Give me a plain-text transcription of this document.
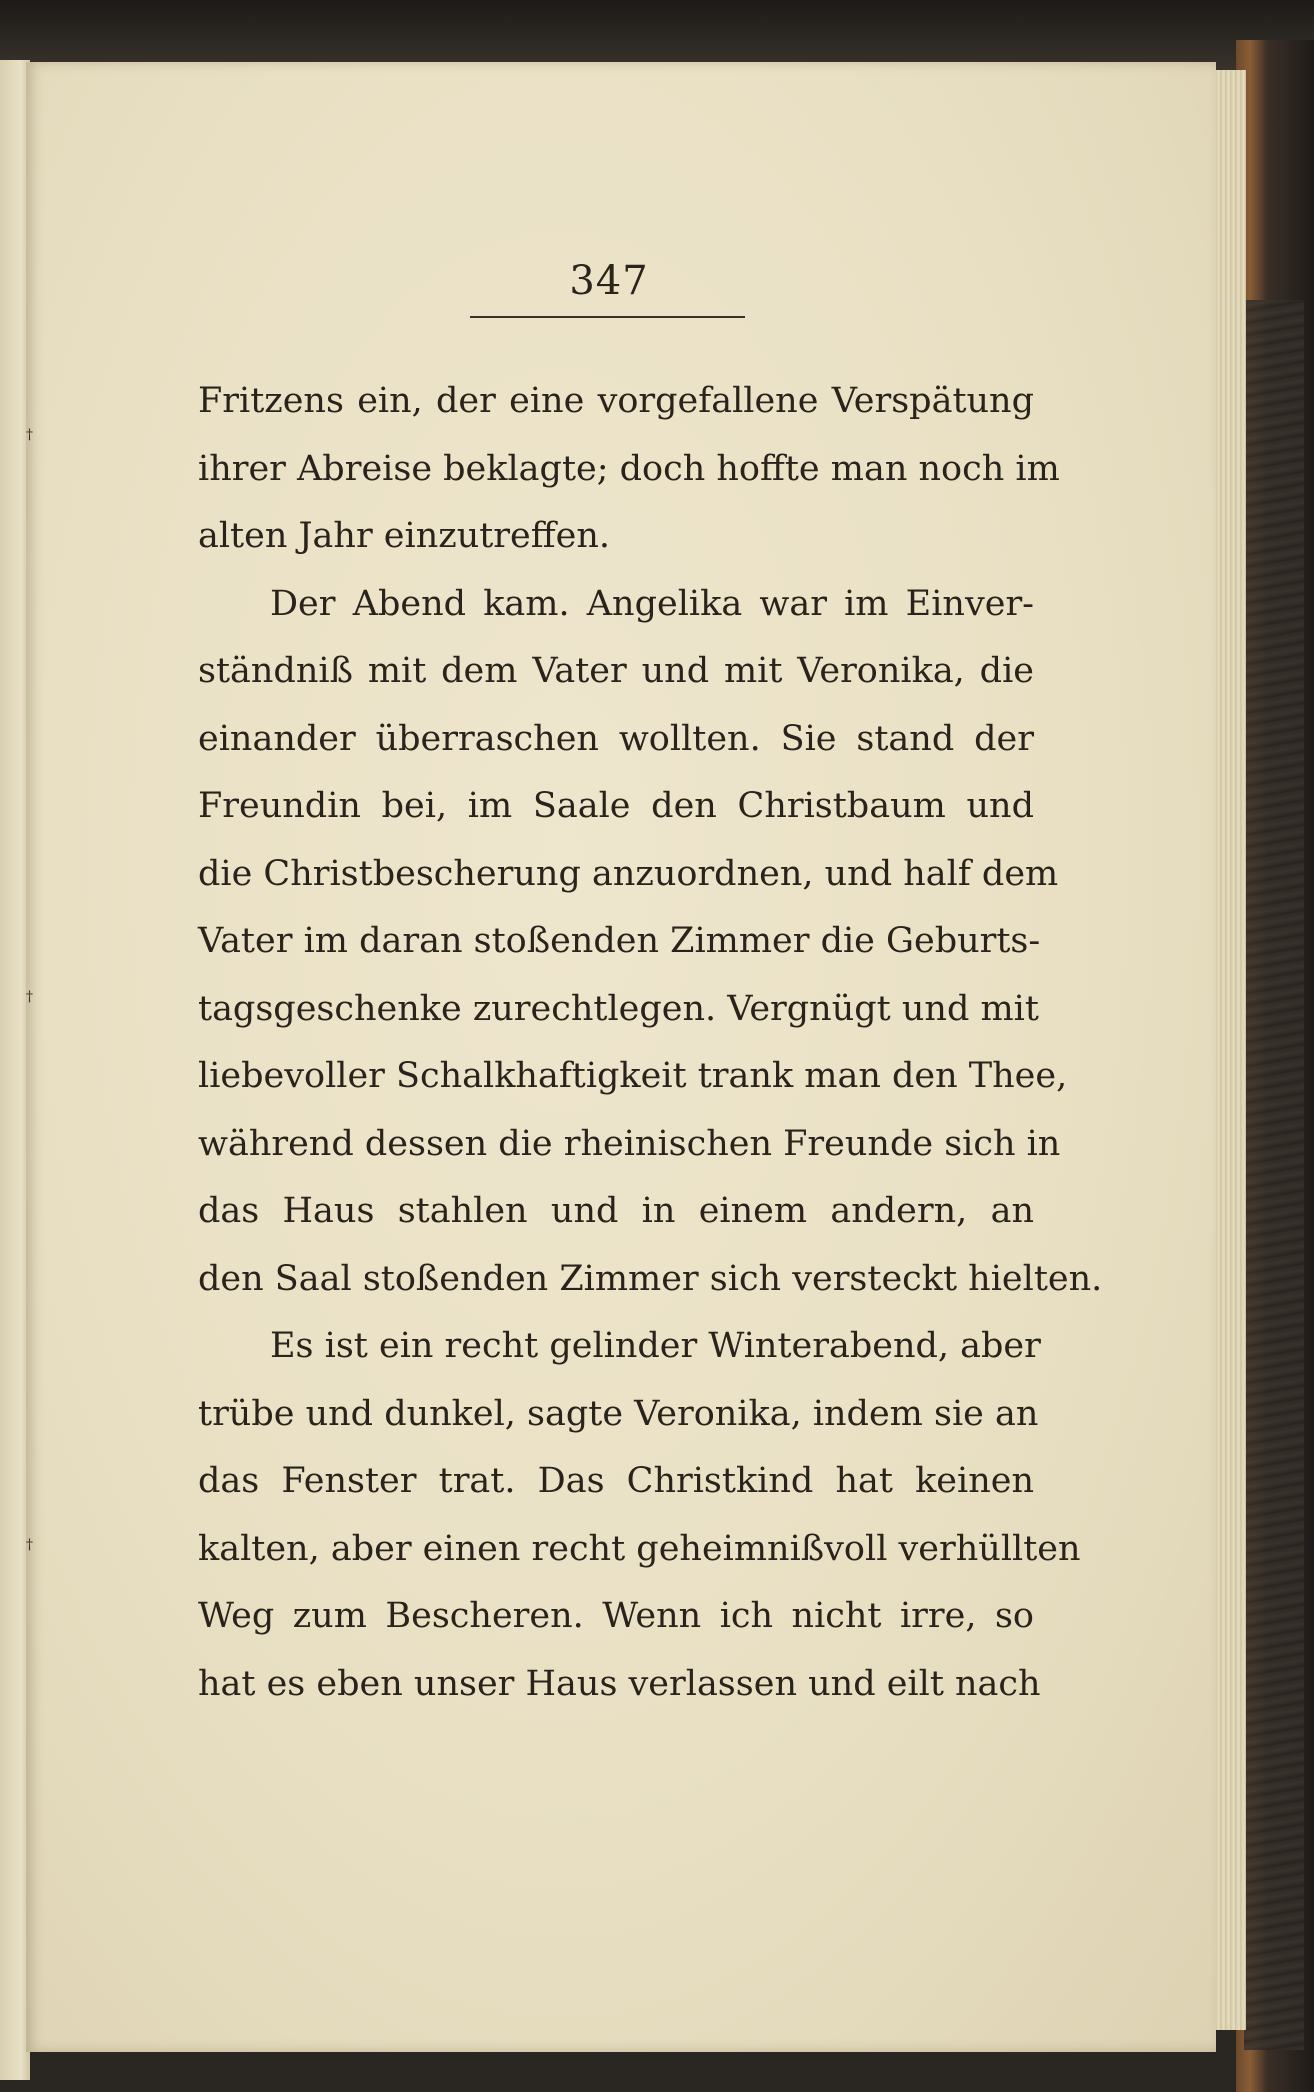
†
†
†
347
Fritzens ein, der eine vorgefallene Verspätung
ihrer Abreise beklagte; doch hoffte man noch im
alten Jahr einzutreffen.
Der Abend kam. Angelika war im Einver-
ständniß mit dem Vater und mit Veronika, die
einander überraschen wollten. Sie stand der
Freundin bei, im Saale den Christbaum und
die Christbescherung anzuordnen, und half dem
Vater im daran stoßenden Zimmer die Geburts-
tagsgeschenke zurechtlegen. Vergnügt und mit
liebevoller Schalkhaftigkeit trank man den Thee,
während dessen die rheinischen Freunde sich in
das Haus stahlen und in einem andern, an
den Saal stoßenden Zimmer sich versteckt hielten.
Es ist ein recht gelinder Winterabend, aber
trübe und dunkel, sagte Veronika, indem sie an
das Fenster trat. Das Christkind hat keinen
kalten, aber einen recht geheimnißvoll verhüllten
Weg zum Bescheren. Wenn ich nicht irre, so
hat es eben unser Haus verlassen und eilt nach
